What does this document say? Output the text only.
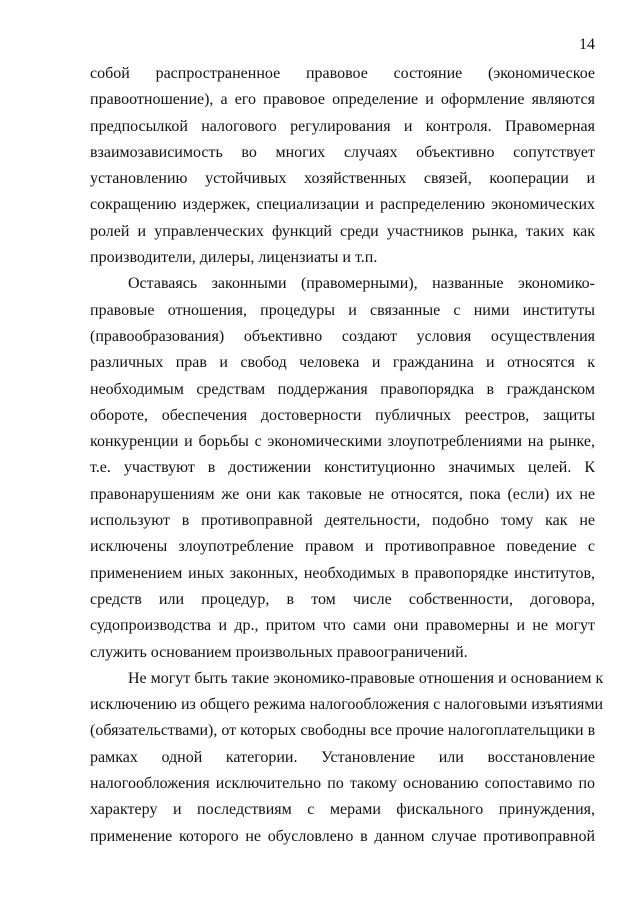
14
собой распространенное правовое состояние (экономическое
правоотношение), а его правовое определение и оформление являются
предпосылкой налогового регулирования и контроля. Правомерная
взаимозависимость во многих случаях объективно сопутствует
установлению устойчивых хозяйственных связей, кооперации и
сокращению издержек, специализации и распределению экономических
ролей и управленческих функций среди участников рынка, таких как
производители, дилеры, лицензиаты и т.п.
Оставаясь законными (правомерными), названные экономико-
правовые отношения, процедуры и связанные с ними институты
(правообразования) объективно создают условия осуществления
различных прав и свобод человека и гражданина и относятся к
необходимым средствам поддержания правопорядка в гражданском
обороте, обеспечения достоверности публичных реестров, защиты
конкуренции и борьбы с экономическими злоупотреблениями на рынке,
т.е. участвуют в достижении конституционно значимых целей. К
правонарушениям же они как таковые не относятся, пока (если) их не
используют в противоправной деятельности, подобно тому как не
исключены злоупотребление правом и противоправное поведение с
применением иных законных, необходимых в правопорядке институтов,
средств или процедур, в том числе собственности, договора,
судопроизводства и др., притом что сами они правомерны и не могут
служить основанием произвольных правоограничений.
Не могут быть такие экономико-правовые отношения и основанием к
исключению из общего режима налогообложения с налоговыми изъятиями
(обязательствами), от которых свободны все прочие налогоплательщики в
рамках одной категории. Установление или восстановление
налогообложения исключительно по такому основанию сопоставимо по
характеру и последствиям с мерами фискального принуждения,
применение которого не обусловлено в данном случае противоправной
